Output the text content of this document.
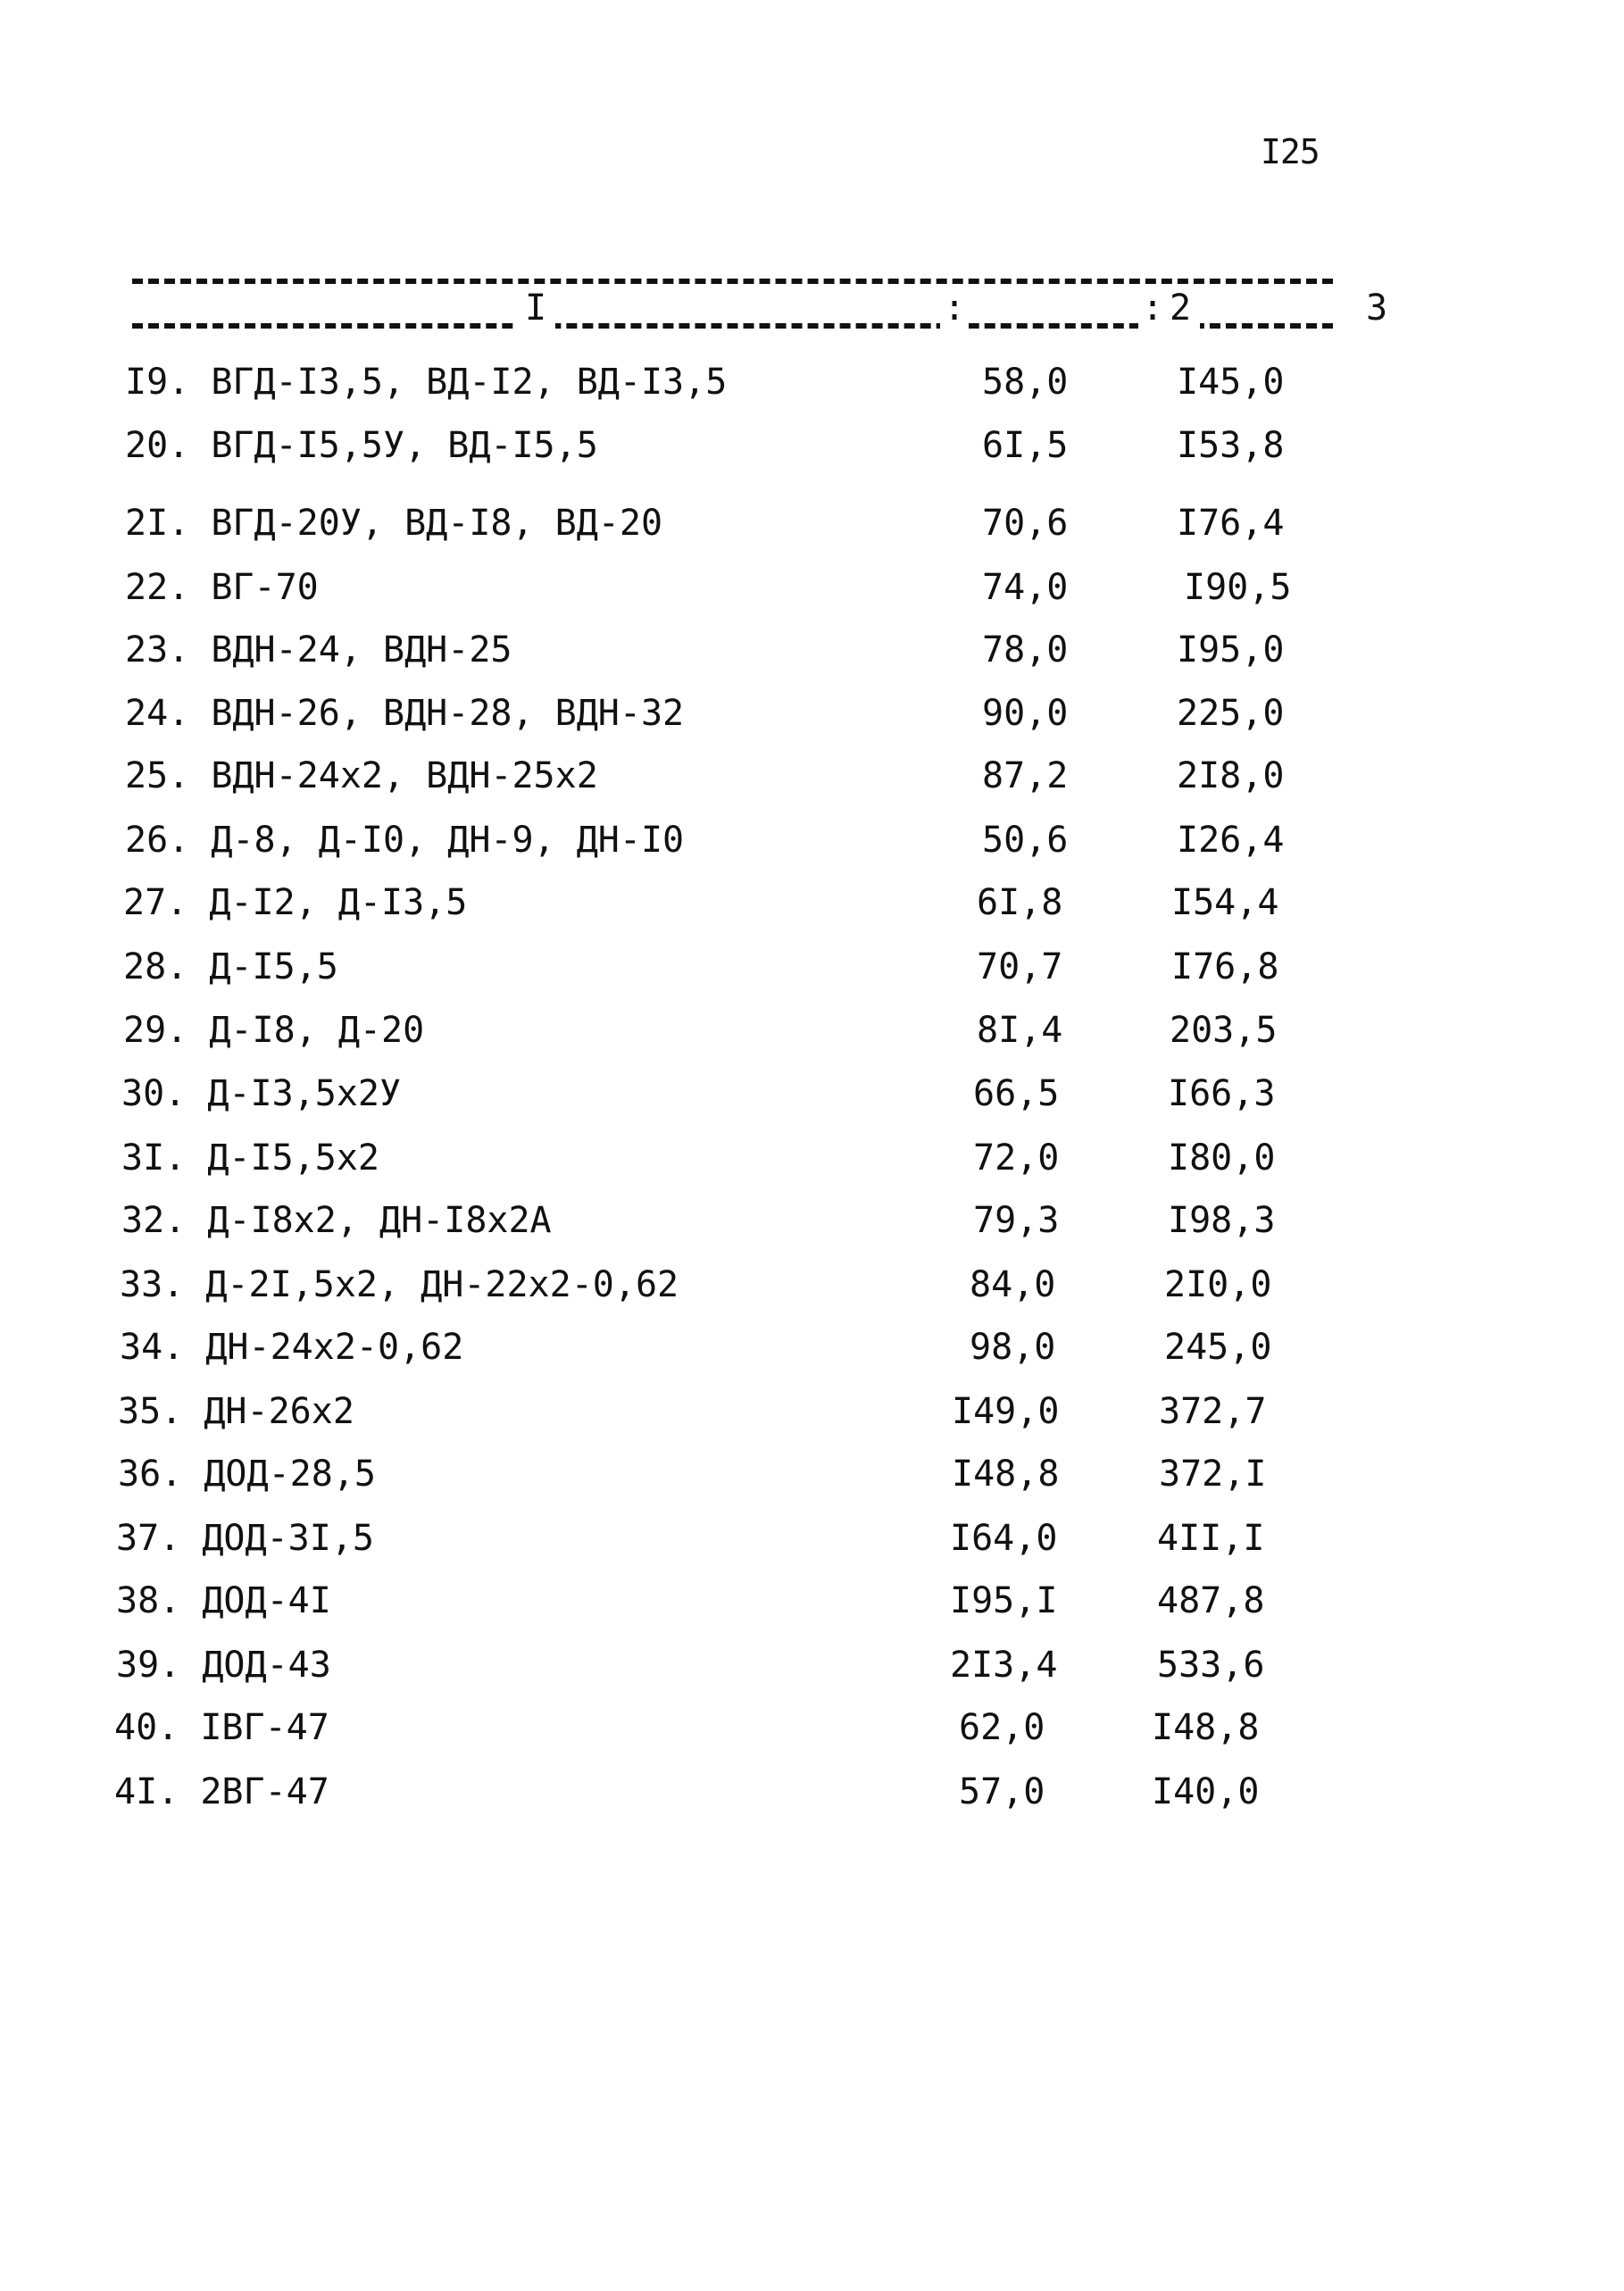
I25
I	:	2
:	3
I9. ВГД-I3,5, ВД-I2, ВД-I3,5	58,0	I45,0
20. ВГД-I5,5У, ВД-I5,5	6I,5	I53,8
2I. ВГД-20У, ВД-I8, ВД-20	70,6	I76,4
22. ВГ-70	74,0	I90,5
23. ВДН-24, ВДН-25	78,0	I95,0
24. ВДН-26, ВДН-28, ВДН-32	90,0	225,0
25. ВДН-24х2, ВДН-25х2	87,2	2I8,0
26. Д-8, Д-I0, ДН-9, ДН-I0	50,6	I26,4
27. Д-I2, Д-I3,5	6I,8	I54,4
28. Д-I5,5	70,7	I76,8
29. Д-I8, Д-20	8I,4	203,5
30. Д-I3,5х2У	66,5	I66,3
3I. Д-I5,5х2	72,0	I80,0
32. Д-I8х2, ДН-I8х2А	79,3	I98,3
33. Д-2I,5х2, ДН-22х2-0,62	84,0	2I0,0
34. ДН-24х2-0,62	98,0	245,0
35. ДН-26х2	I49,0	372,7
36. ДОД-28,5	I48,8	372,I
37. ДОД-3I,5	I64,0	4II,I
38. ДОД-4I	I95,I	487,8
39. ДОД-43	2I3,4	533,6
40. IВГ-47	62,0	I48,8
4I. 2ВГ-47	57,0	I40,0
